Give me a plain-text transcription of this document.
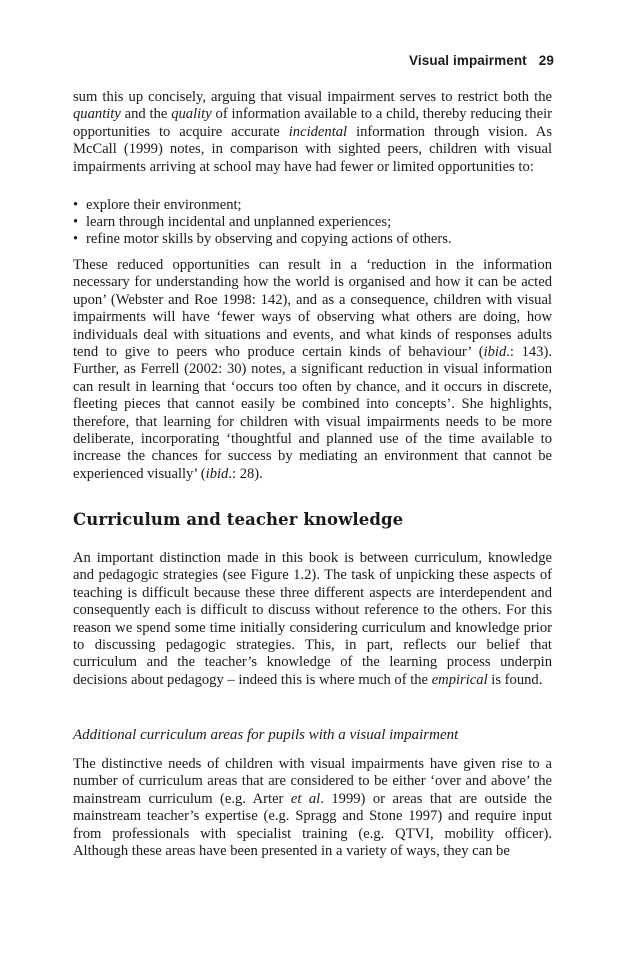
Visual impairment 29

sum this up concisely, arguing that visual impairment serves to restrict both the quantity and the quality of information available to a child, thereby reducing their opportunities to acquire accurate incidental information through vision. As McCall (1999) notes, in comparison with sighted peers, children with visual impairments arriving at school may have had fewer or limited opportunities to:

• explore their environment;
• learn through incidental and unplanned experiences;
• refine motor skills by observing and copying actions of others.

These reduced opportunities can result in a ‘reduction in the information necessary for understanding how the world is organised and how it can be acted upon’ (Webster and Roe 1998: 142), and as a consequence, children with visual impairments will have ‘fewer ways of observing what others are doing, how individuals deal with situations and events, and what kinds of responses adults tend to give to peers who produce certain kinds of behaviour’ (ibid.: 143). Further, as Ferrell (2002: 30) notes, a significant reduction in visual information can result in learning that ‘occurs too often by chance, and it occurs in discrete, fleeting pieces that cannot easily be combined into concepts’. She highlights, therefore, that learning for children with visual impairments needs to be more deliberate, incorporating ‘thoughtful and planned use of the time available to increase the chances for success by mediating an environment that cannot be experienced visually’ (ibid.: 28).

Curriculum and teacher knowledge

An important distinction made in this book is between curriculum, knowledge and pedagogic strategies (see Figure 1.2). The task of unpicking these aspects of teaching is difficult because these three different aspects are interdependent and consequently each is difficult to discuss without reference to the others. For this reason we spend some time initially considering curriculum and knowledge prior to discussing pedagogic strategies. This, in part, reflects our belief that curriculum and the teacher’s knowledge of the learning process underpin decisions about pedagogy – indeed this is where much of the empirical is found.

Additional curriculum areas for pupils with a visual impairment

The distinctive needs of children with visual impairments have given rise to a number of curriculum areas that are considered to be either ‘over and above’ the mainstream curriculum (e.g. Arter et al. 1999) or areas that are outside the mainstream teacher’s expertise (e.g. Spragg and Stone 1997) and require input from professionals with specialist training (e.g. QTVI, mobility officer). Although these areas have been presented in a variety of ways, they can be
